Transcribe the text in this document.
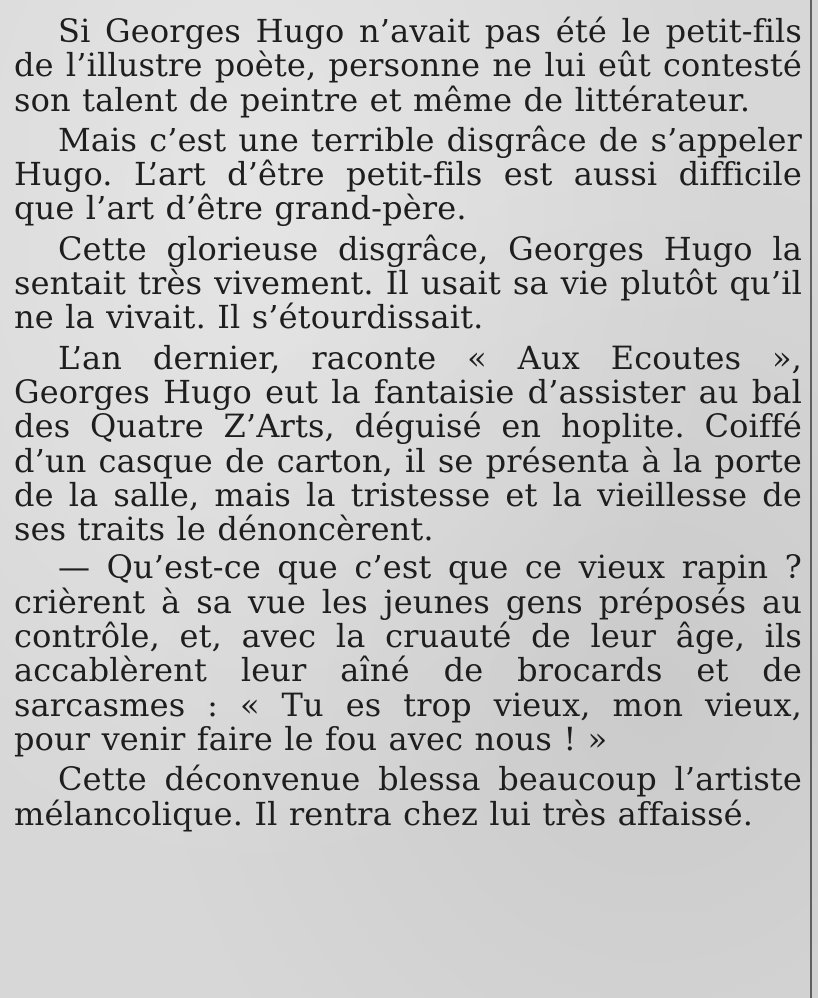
Si Georges Hugo n’avait pas été le petit-fils de l’illustre poète, personne ne lui eût contesté son talent de peintre et même de littérateur.

Mais c’est une terrible disgrâce de s’appeler Hugo. L’art d’être petit-fils est aussi difficile que l’art d’être grand-père.

Cette glorieuse disgrâce, Georges Hugo la sentait très vivement. Il usait sa vie plutôt qu’il ne la vivait. Il s’étourdissait.

L’an dernier, raconte « Aux Ecoutes », Georges Hugo eut la fantaisie d’assister au bal des Quatre Z’Arts, déguisé en hoplite. Coiffé d’un casque de carton, il se présenta à la porte de la salle, mais la tristesse et la vieillesse de ses traits le dénoncèrent.

— Qu’est-ce que c’est que ce vieux rapin ? crièrent à sa vue les jeunes gens préposés au contrôle, et, avec la cruauté de leur âge, ils accablèrent leur aîné de brocards et de sarcasmes : « Tu es trop vieux, mon vieux, pour venir faire le fou avec nous ! »

Cette déconvenue blessa beaucoup l’artiste mélancolique. Il rentra chez lui très affaissé.
